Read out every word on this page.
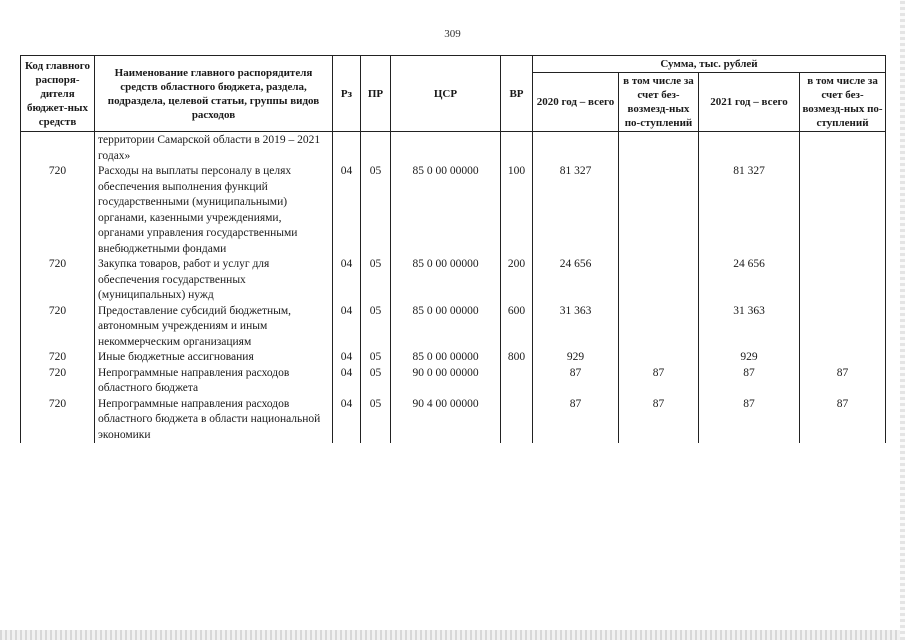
309
Код главного распоря-дителя бюджет-ных средств	Наименование главного распорядителя средств областного бюджета, раздела, подраздела, целевой статьи, группы видов расходов	Рз	ПР	ЦСР	ВР	Сумма, тыс. рублей			
						2020 год – всего	в том числе за счет без-возмезд-ных по-ступлений	2021 год – всего	в том числе за счет без-возмезд-ных по-ступлений
	территории Самарской области в 2019 – 2021 годах»								
720	Расходы на выплаты персоналу в целях обеспечения выполнения функций государственными (муниципальными) органами, казенными учреждениями, органами управления государственными внебюджетными фондами	04	05	85 0 00 00000	100	81 327		81 327	
720	Закупка товаров, работ и услуг для обеспечения государственных (муниципальных) нужд	04	05	85 0 00 00000	200	24 656		24 656	
720	Предоставление субсидий бюджетным, автономным учреждениям и иным некоммерческим организациям	04	05	85 0 00 00000	600	31 363		31 363	
720	Иные бюджетные ассигнования	04	05	85 0 00 00000	800	929		929	
720	Непрограммные направления расходов областного бюджета	04	05	90 0 00 00000		87	87	87	87
720	Непрограммные направления расходов областного бюджета в области национальной экономики	04	05	90 4 00 00000		87	87	87	87
